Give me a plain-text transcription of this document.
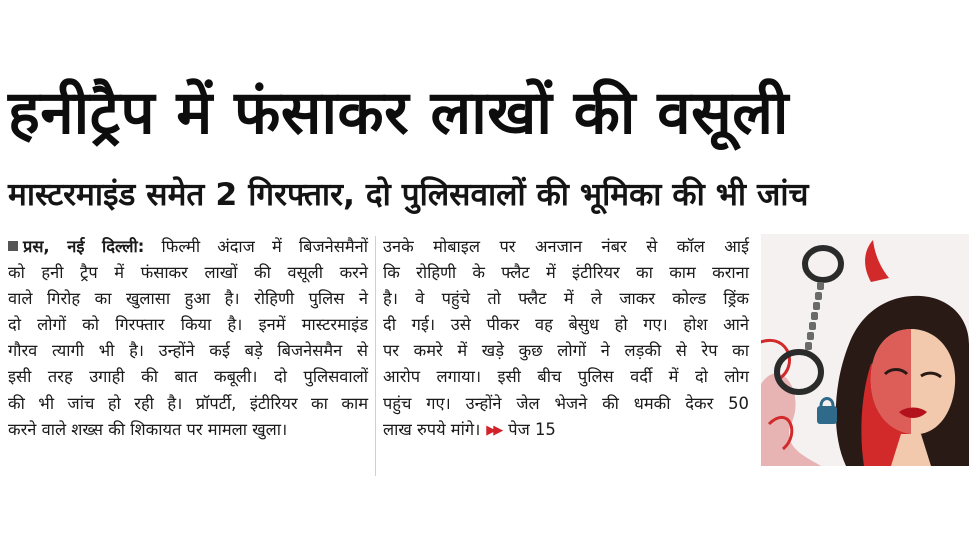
हनीट्रैप में फंसाकर लाखों की वसूली
मास्टरमाइंड समेत 2 गिरफ्तार, दो पुलिसवालों की भूमिका की भी जांच
प्रस, नई दिल्ली: फिल्मी अंदाज में बिजनेसमैनों
को हनी ट्रैप में फंसाकर लाखों की वसूली करने
वाले गिरोह का खुलासा हुआ है। रोहिणी पुलिस ने
दो लोगों को गिरफ्तार किया है। इनमें मास्टरमाइंड
गौरव त्यागी भी है। उन्होंने कई बड़े बिजनेसमैन से
इसी तरह उगाही की बात कबूली। दो पुलिसवालों
की भी जांच हो रही है। प्रॉपर्टी, इंटीरियर का काम
करने वाले शख्स की शिकायत पर मामला खुला।
उनके मोबाइल पर अनजान नंबर से कॉल आई
कि रोहिणी के फ्लैट में इंटीरियर का काम कराना
है। वे पहुंचे तो फ्लैट में ले जाकर कोल्ड ड्रिंक
दी गई। उसे पीकर वह बेसुध हो गए। होश आने
पर कमरे में खड़े कुछ लोगों ने लड़की से रेप का
आरोप लगाया। इसी बीच पुलिस वर्दी में दो लोग
पहुंच गए। उन्होंने जेल भेजने की धमकी देकर 50
लाख रुपये मांगे। ▶▶ पेज 15
